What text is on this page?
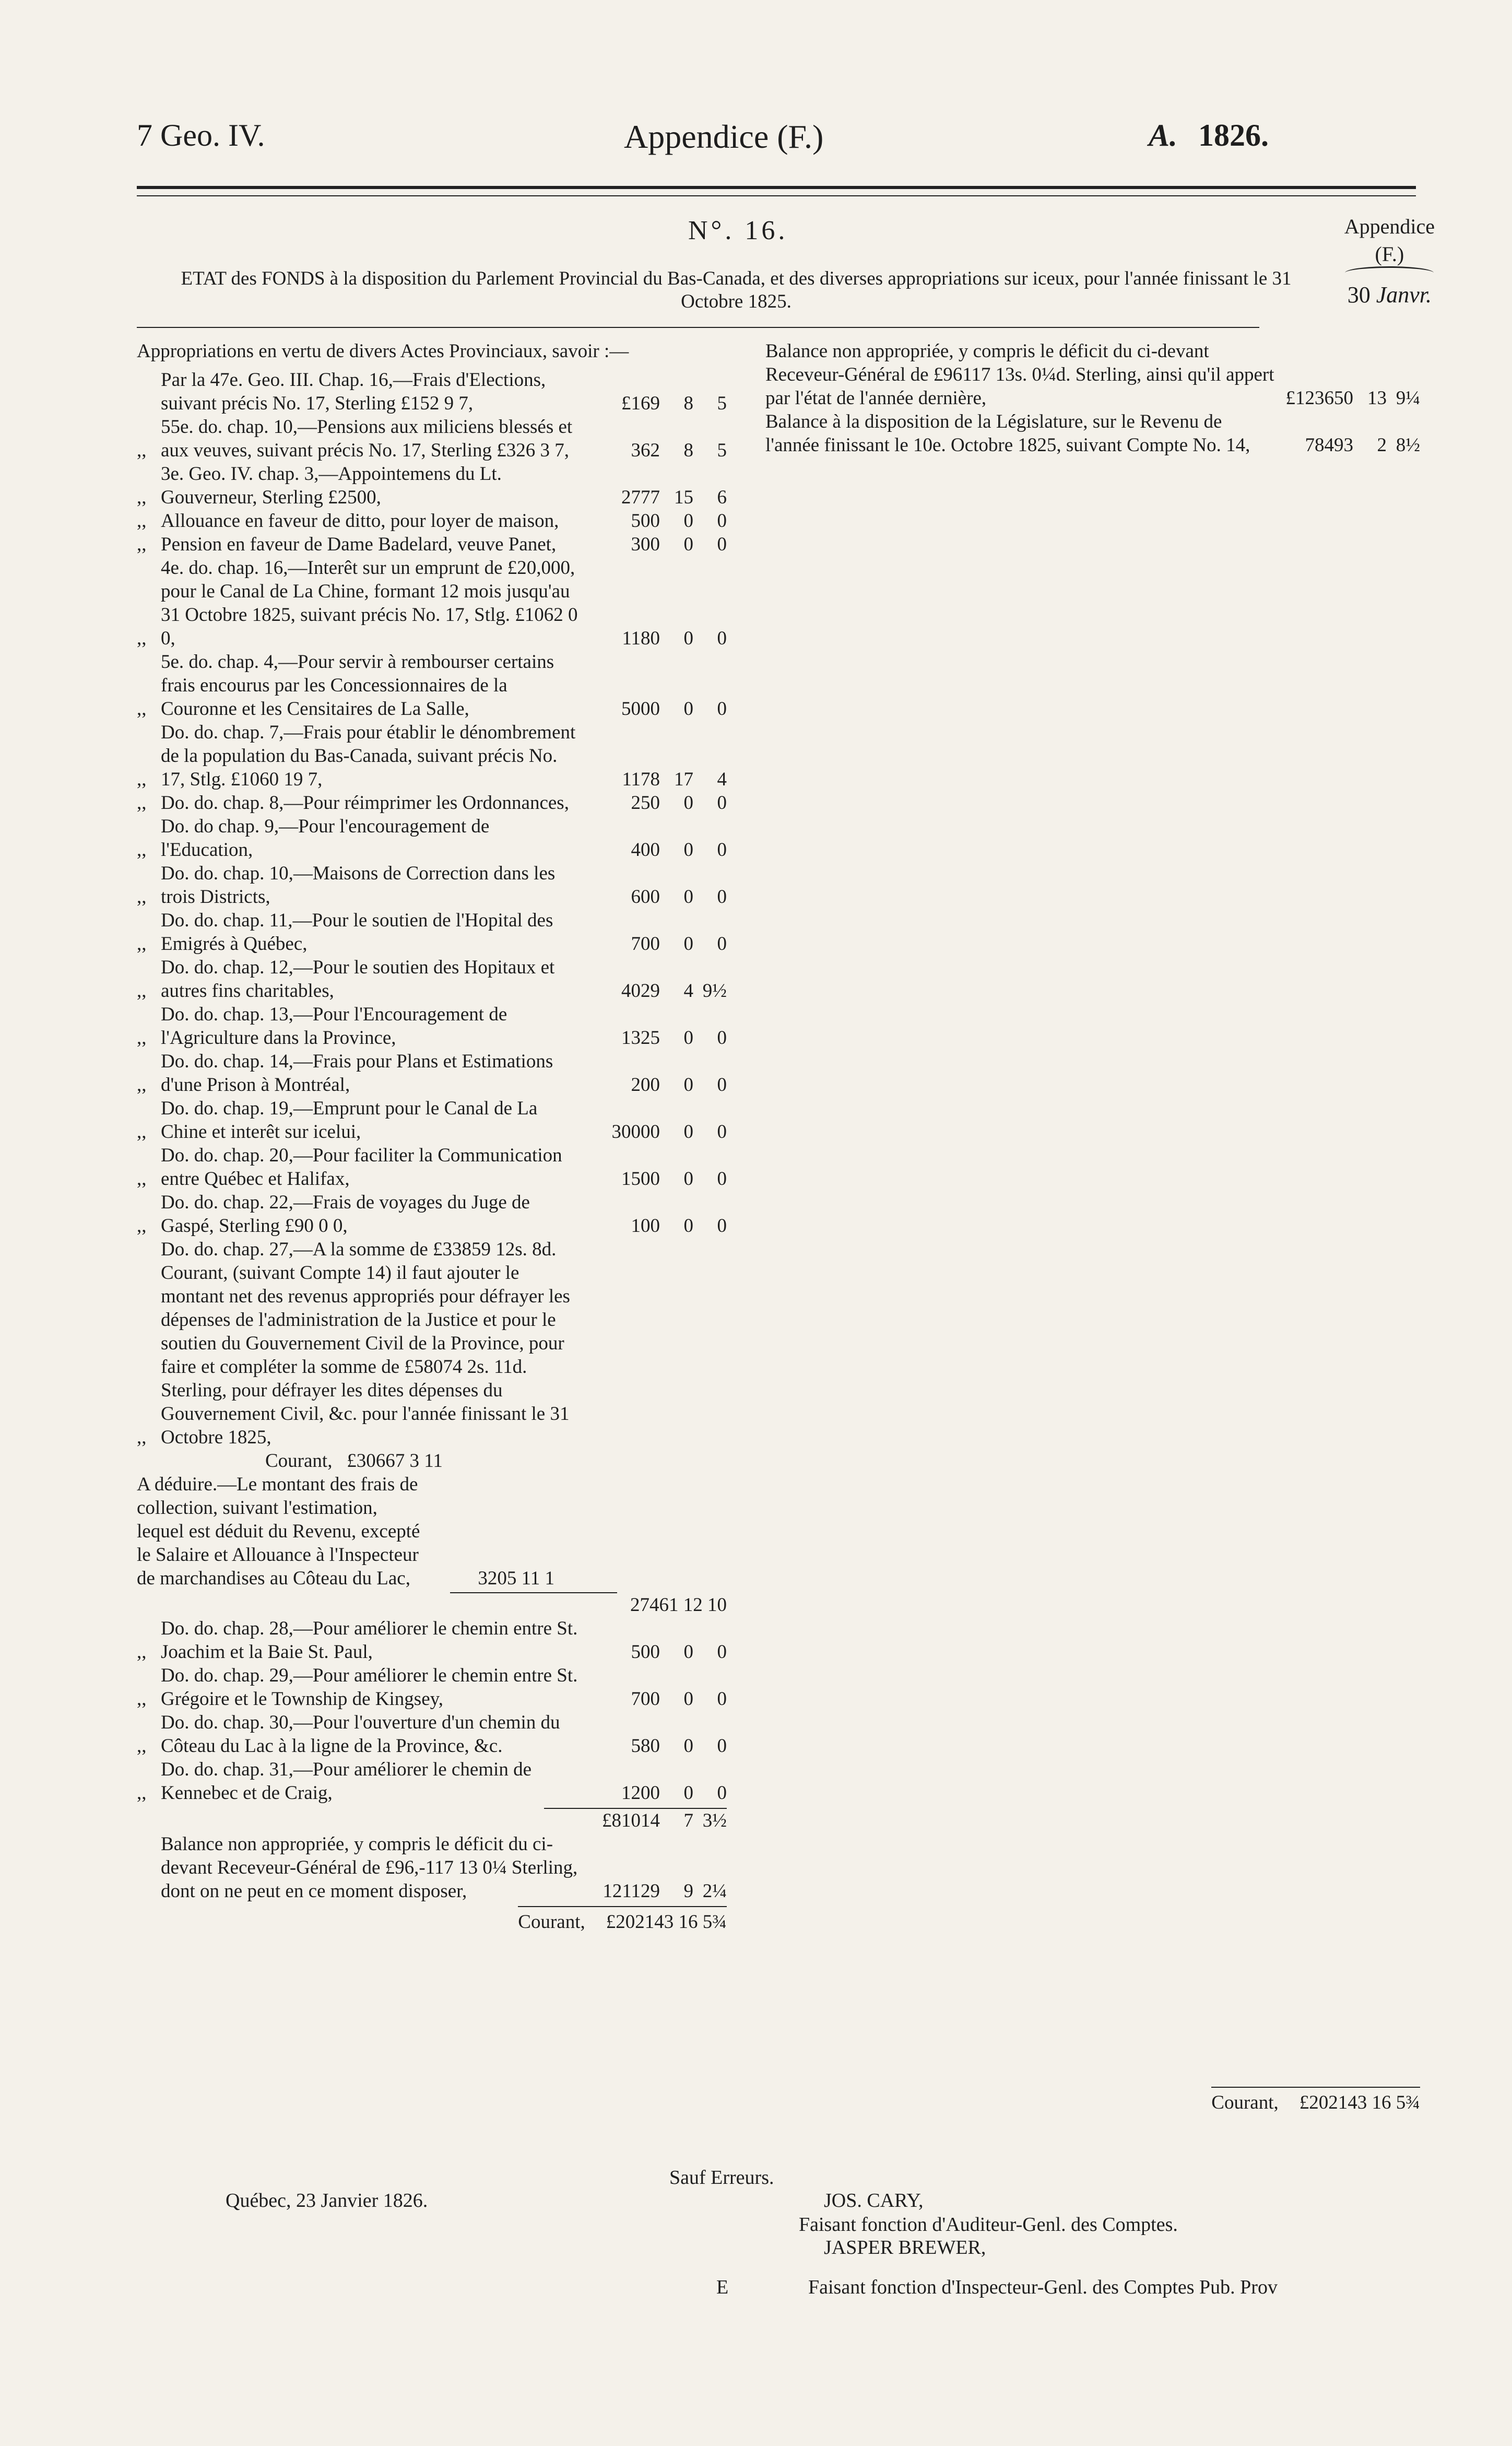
7 Geo. IV.	Appendice (F.)	A. 1826.
N°. 16.	Appendice
(F.)
30 Janvr.
ETAT des FONDS à la disposition du Parlement Provincial du Bas-Canada, et des diverses appropriations sur iceux, pour l'année finissant le 31 Octobre 1825.
Appropriations en vertu de divers Actes Provinciaux, savoir :—
Par la 47e. Geo. III. Chap. 16,—Frais d'Elections, suivant précis No. 17, Sterling £152 9 7,	£169	8	5
,,
55e. do. chap. 10,—Pensions aux miliciens blessés et aux veuves, suivant précis No. 17, Sterling £326 3 7,	362	8	5
,,
3e. Geo. IV. chap. 3,—Appointemens du Lt. Gouverneur, Sterling £2500,	2777 15	6
,, Allouance en faveur de ditto, pour loyer de maison,	500	0	0
,, Pension en faveur de Dame Badelard, veuve Panet,	300	0	0
,,
4e. do. chap. 16,—Interêt sur un emprunt de £20,000, pour le Canal de La Chine, formant 12 mois jusqu'au 31 Octobre 1825, suivant précis No. 17, Stlg. £1062 0 0,	1180	0	0
,,
5e. do. chap. 4,—Pour servir à rembourser certains frais encourus par les Concessionnaires de la Couronne et les Censitaires de La Salle,	5000	0	0
,,
Do. do. chap. 7,—Frais pour établir le dénombrement de la population du Bas-Canada, suivant précis No. 17, Stlg. £1060 19 7,	1178 17	4
,, Do. do. chap. 8,—Pour réimprimer les Ordonnances,	250	0	0
,,
Do. do chap. 9,—Pour l'encouragement de l'Education,	400	0	0
,,
Do. do. chap. 10,—Maisons de Correction dans les trois Districts,	600	0	0
,,
Do. do. chap. 11,—Pour le soutien de l'Hopital des Emigrés à Québec,	700	0	0
,,
Do. do. chap. 12,—Pour le soutien des Hopitaux et autres fins charitables,	4029	4 9½
,,
Do. do. chap. 13,—Pour l'Encouragement de l'Agriculture dans la Province,	1325	0	0
,,
Do. do. chap. 14,—Frais pour Plans et Estimations d'une Prison à Montréal,	200	0	0
,,
Do. do. chap. 19,—Emprunt pour le Canal de La Chine et interêt sur icelui,	30000	0	0
,,
Do. do. chap. 20,—Pour faciliter la Communication entre Québec et Halifax,	1500	0	0
,,
Do. do. chap. 22,—Frais de voyages du Juge de Gaspé, Sterling £90 0 0,	100	0	0
,,
Do. do. chap. 27,—A la somme de £33859 12s. 8d. Courant, (suivant Compte 14) il faut ajouter le montant net des revenus appropriés pour défrayer les dépenses de l'administration de la Justice et pour le soutien du Gouvernement Civil de la Province, pour faire et compléter la somme de £58074 2s. 11d. Sterling, pour défrayer les dites dépenses du Gouvernement Civil, &c. pour l'année finissant le 31 Octobre 1825,
Courant, £30667 3 11
A déduire.—Le montant des frais de collection, suivant l'estimation, lequel est déduit du Revenu, excepté le Salaire et Allouance à l'Inspecteur de marchandises au Côteau du Lac,	3205 11 1
27461 12 10
,,
Do. do. chap. 28,—Pour améliorer le chemin entre St. Joachim et la Baie St. Paul,	500	0	0
,,
Do. do. chap. 29,—Pour améliorer le chemin entre St. Grégoire et le Township de Kingsey,	700	0	0
,,
Do. do. chap. 30,—Pour l'ouverture d'un chemin du Côteau du Lac à la ligne de la Province, &c.	580	0	0
,,
Do. do. chap. 31,—Pour améliorer le chemin de Kennebec et de Craig,	1200	0	0
£81014	7 3½
Balance non appropriée, y compris le déficit du ci-devant Receveur-Général de £96,-117 13 0¼ Sterling, dont on ne peut en ce moment disposer,	121129	9 2¼
Courant, £202143 16 5¾
Balance non appropriée, y compris le déficit du ci-devant Receveur-Général de £96117 13s. 0¼d. Sterling, ainsi qu'il appert par l'état de l'année dernière,	£123650 13 9¼
Balance à la disposition de la Législature, sur le Revenu de l'année finissant le 10e. Octobre 1825, suivant Compte No. 14,	78493	2 8½
Courant, £202143 16 5¾
Sauf Erreurs.
Québec, 23 Janvier 1826.	JOS. CARY,
Faisant fonction d'Auditeur-Genl. des Comptes.
JASPER BREWER,
E	Faisant fonction d'Inspecteur-Genl. des Comptes Pub. Prov
